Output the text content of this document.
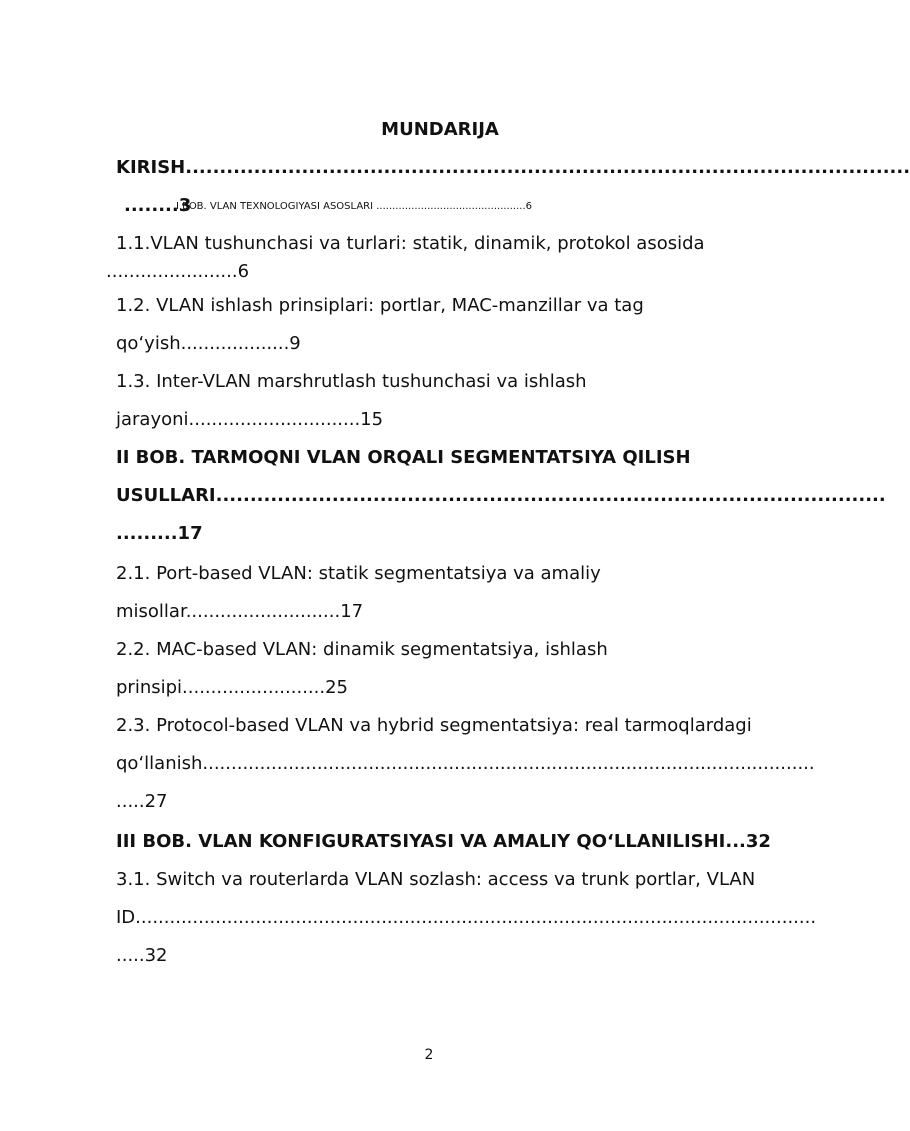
MUNDARIJA
KIRISH..........................................................................................................
........3
I BOB. VLAN TEXNOLOGIYASI ASOSLARI ...............................................6
1.1.VLAN tushunchasi va turlari: statik, dinamik, protokol asosida
.......................6
1.2. VLAN ishlash prinsiplari: portlar, MAC-manzillar va tag
qo‘yish...................9
1.3. Inter-VLAN marshrutlash tushunchasi va ishlash
jarayoni..............................15
II BOB. TARMOQNI VLAN ORQALI SEGMENTATSIYA QILISH
USULLARI..................................................................................................
.........17
2.1. Port-based VLAN: statik segmentatsiya va amaliy
misollar...........................17
2.2. MAC-based VLAN: dinamik segmentatsiya, ishlash
prinsipi.........................25
2.3. Protocol-based VLAN va hybrid segmentatsiya: real tarmoqlardagi
qo‘llanish...........................................................................................................
.....27
III BOB. VLAN KONFIGURATSIYASI VA AMALIY QO‘LLANILISHI...32
3.1. Switch va routerlarda VLAN sozlash: access va trunk portlar, VLAN
ID.......................................................................................................................
.....32
2
